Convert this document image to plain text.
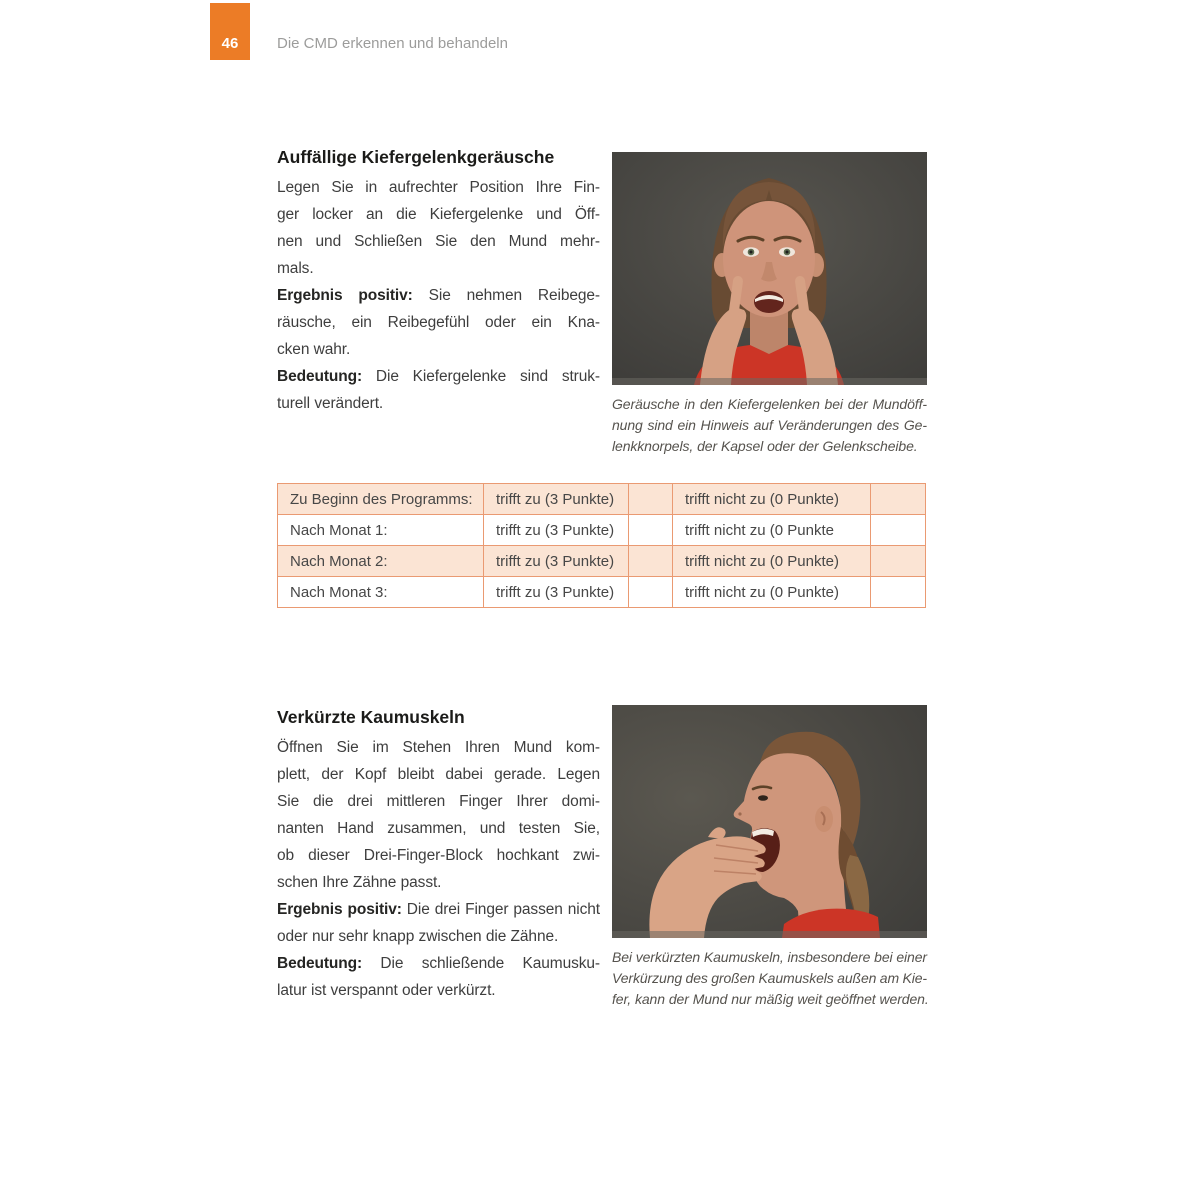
46	Die CMD erkennen und behandeln
Auffällige Kiefergelenkgeräusche
Legen Sie in aufrechter Position Ihre Fin-
ger locker an die Kiefergelenke und Öff-
nen und Schließen Sie den Mund mehr-
mals.
Ergebnis positiv: Sie nehmen Reibege-
räusche, ein Reibegefühl oder ein Kna-
cken wahr.
Bedeutung: Die Kiefergelenke sind struk-
turell verändert.	Geräusche in den Kiefergelenken bei der Mundöff-
nung sind ein Hinweis auf Veränderungen des Ge-
lenkknorpels, der Kapsel oder der Gelenkscheibe.
Zu Beginn des Programms:	trifft zu (3 Punkte)		trifft nicht zu (0 Punkte)	
Nach Monat 1:	trifft zu (3 Punkte)		trifft nicht zu (0 Punkte	
Nach Monat 2:	trifft zu (3 Punkte)		trifft nicht zu (0 Punkte)	
Nach Monat 3:	trifft zu (3 Punkte)		trifft nicht zu (0 Punkte)	
Verkürzte Kaumuskeln
Öffnen Sie im Stehen Ihren Mund kom-
plett, der Kopf bleibt dabei gerade. Legen
Sie die drei mittleren Finger Ihrer domi-
nanten Hand zusammen, und testen Sie,
ob dieser Drei-Finger-Block hochkant zwi-
schen Ihre Zähne passt.
Ergebnis positiv: Die drei Finger passen nicht
oder nur sehr knapp zwischen die Zähne.
Bedeutung: Die schließende Kaumusku-
latur ist verspannt oder verkürzt.
Bei verkürzten Kaumuskeln, insbesondere bei einer
Verkürzung des großen Kaumuskels außen am Kie-
fer, kann der Mund nur mäßig weit geöffnet werden.
